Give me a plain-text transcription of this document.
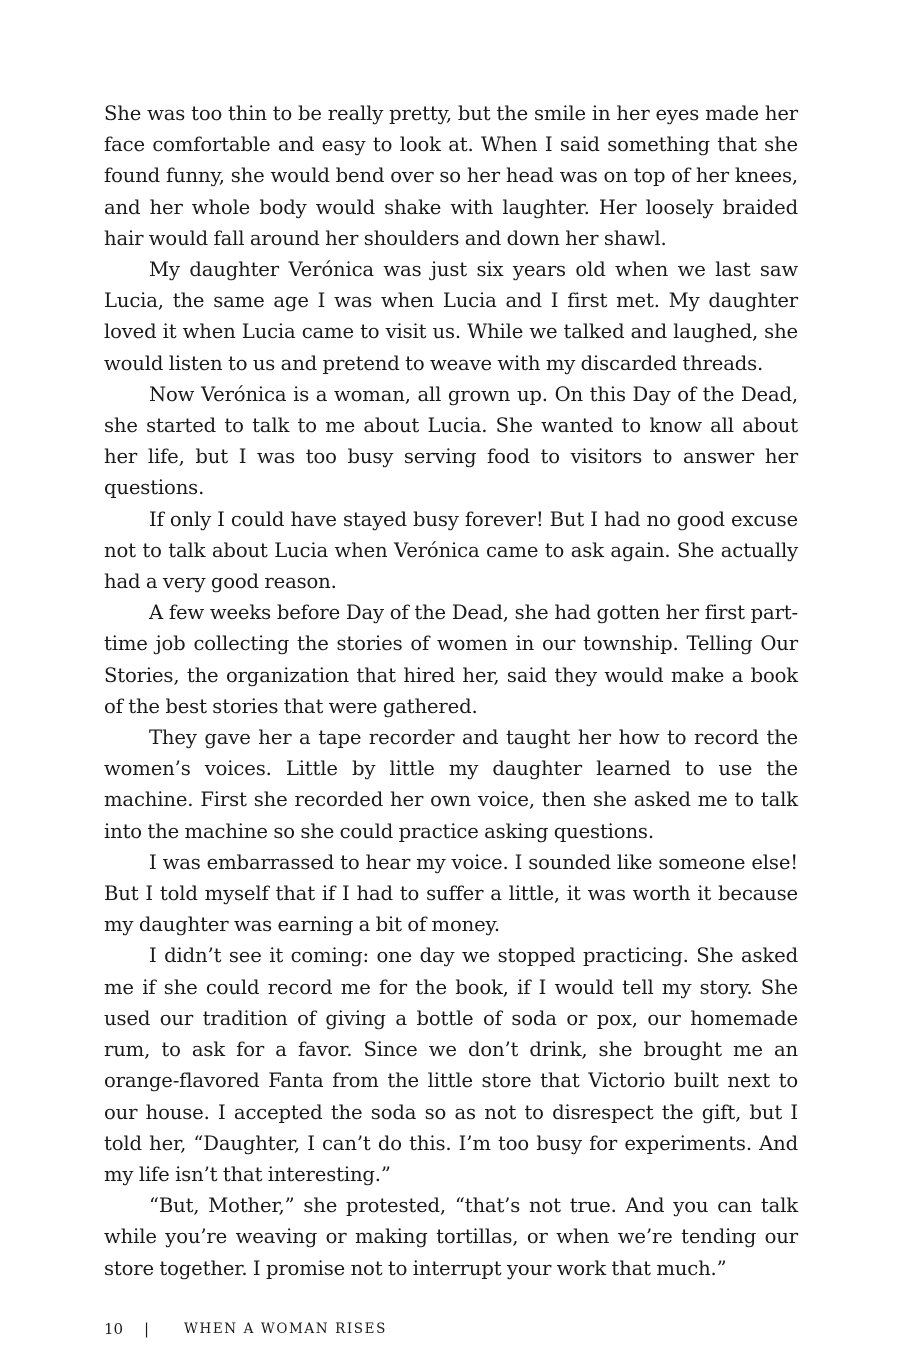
She was too thin to be really pretty, but the smile in her eyes made her face comfortable and easy to look at. When I said something that she found funny, she would bend over so her head was on top of her knees, and her whole body would shake with laughter. Her loosely braided hair would fall around her shoulders and down her shawl.

My daughter Verónica was just six years old when we last saw Lucia, the same age I was when Lucia and I first met. My daughter loved it when Lucia came to visit us. While we talked and laughed, she would listen to us and pretend to weave with my discarded threads.

Now Verónica is a woman, all grown up. On this Day of the Dead, she started to talk to me about Lucia. She wanted to know all about her life, but I was too busy serving food to visitors to answer her questions.

If only I could have stayed busy forever! But I had no good excuse not to talk about Lucia when Verónica came to ask again. She actually had a very good reason.

A few weeks before Day of the Dead, she had gotten her first part-time job collecting the stories of women in our township. Telling Our Stories, the organization that hired her, said they would make a book of the best stories that were gathered.

They gave her a tape recorder and taught her how to record the women’s voices. Little by little my daughter learned to use the machine. First she recorded her own voice, then she asked me to talk into the machine so she could practice asking questions.

I was embarrassed to hear my voice. I sounded like someone else! But I told myself that if I had to suffer a little, it was worth it because my daughter was earning a bit of money.

I didn’t see it coming: one day we stopped practicing. She asked me if she could record me for the book, if I would tell my story. She used our tradition of giving a bottle of soda or pox, our homemade rum, to ask for a favor. Since we don’t drink, she brought me an orange-flavored Fanta from the little store that Victorio built next to our house. I accepted the soda so as not to disrespect the gift, but I told her, “Daughter, I can’t do this. I’m too busy for experiments. And my life isn’t that interesting.”

“But, Mother,” she protested, “that’s not true. And you can talk while you’re weaving or making tortillas, or when we’re tending our store together. I promise not to interrupt your work that much.”

10	|	WHEN A WOMAN RISES
